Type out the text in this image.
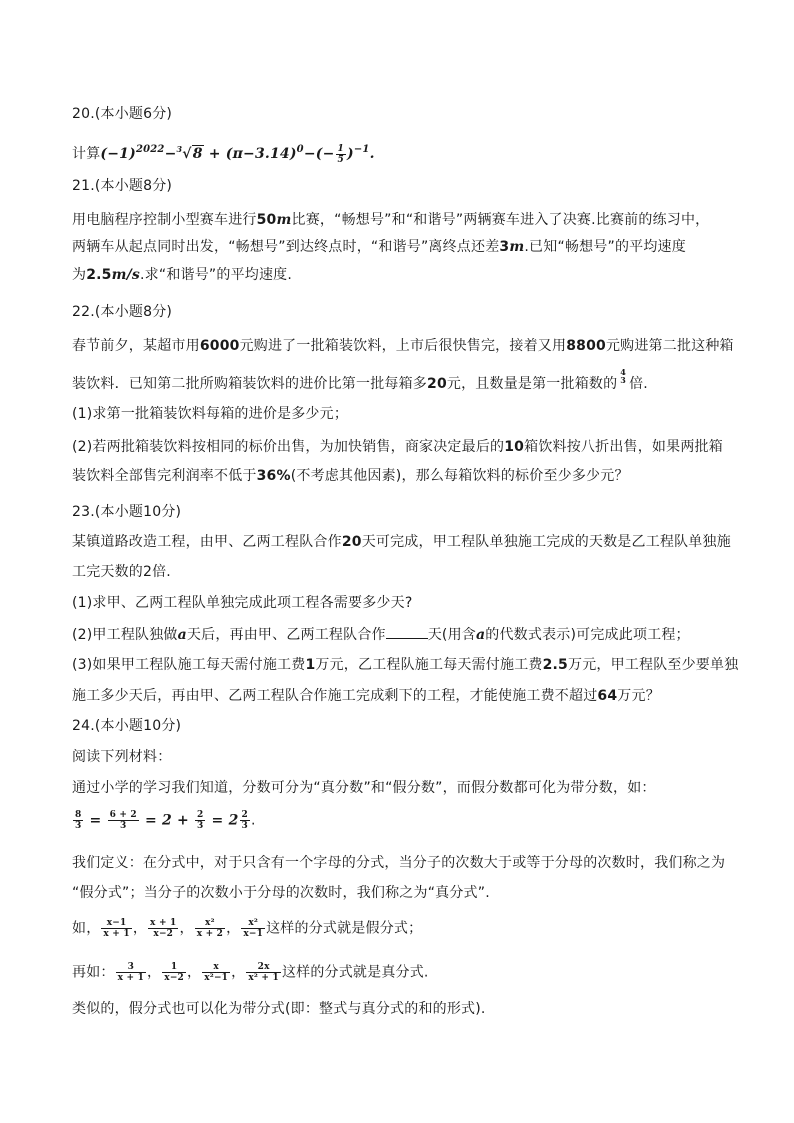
20.(本小题6分)
计算$(-1)^{2022}-^3√8 + (\pi-3.14)^0-(- \frac{1}{5} )^{-1}$.
21.(本小题8分)
用电脑程序控制小型赛车进行50m比赛，“畅想号”和“和谐号”两辆赛车进入了决赛.比赛前的练习中，
两辆车从起点同时出发，“畅想号”到达终点时，“和谐号”离终点还差3m.已知“畅想号”的平均速度
为2.5m/s.求“和谐号”的平均速度.
22.(本小题8分)
春节前夕，某超市用6000元购进了一批箱装饮料，上市后很快售完，接着又用8800元购进第二批这种箱
装饮料．已知第二批所购箱装饮料的进价比第一批每箱多20元，且数量是第一批箱数的
4
3 倍.
(1)求第一批箱装饮料每箱的进价是多少元；
(2)若两批箱装饮料按相同的标价出售，为加快销售，商家决定最后的10箱饮料按八折出售，如果两批箱
装饮料全部售完利润率不低于36%(不考虑其他因素)，那么每箱饮料的标价至少多少元？
23.(本小题10分)
某镇道路改造工程，由甲、乙两工程队合作20天可完成，甲工程队单独施工完成的天数是乙工程队单独施
工完天数的2倍.
(1)求甲、乙两工程队单独完成此项工程各需要多少天?
(2)甲工程队独做a天后，再由甲、乙两工程队合作	天(用含a的代数式表示)可完成此项工程；
(3)如果甲工程队施工每天需付施工费1万元，乙工程队施工每天需付施工费2.5万元，甲工程队至少要单独
施工多少天后，再由甲、乙两工程队合作施工完成剩下的工程，才能使施工费不超过64万元？
24.(本小题10分)
阅读下列材料：
通过小学的学习我们知道，分数可分为“真分数”和“假分数”，而假分数都可化为带分数，如：
$\frac{8}{3} = \frac{6 + 2}{3} = 2 + \frac{2}{3} = 2 \frac{2}{3}$ .
我们定义：在分式中，对于只含有一个字母的分式，当分子的次数大于或等于分母的次数时，我们称之为
“假分式”；当分子的次数小于分母的次数时，我们称之为“真分式”.
如， $\frac{x-1}{x + 1}$ ， $\frac{x + 1}{x-2}$ ， $\frac{\text{x²}}{x + 2}$ ， $\frac{\text{x²}}{x-1}$ 这样的分式就是假分式；
再如： $\frac{3}{x + 1}$ ， $\frac{1}{x-2}$ ， $\frac{x}{\text{x²−1}}$ ， $\frac{2x}{\text{x² + 1}}$ 这样的分式就是真分式.
类似的，假分式也可以化为带分式(即：整式与真分式的和的形式).
